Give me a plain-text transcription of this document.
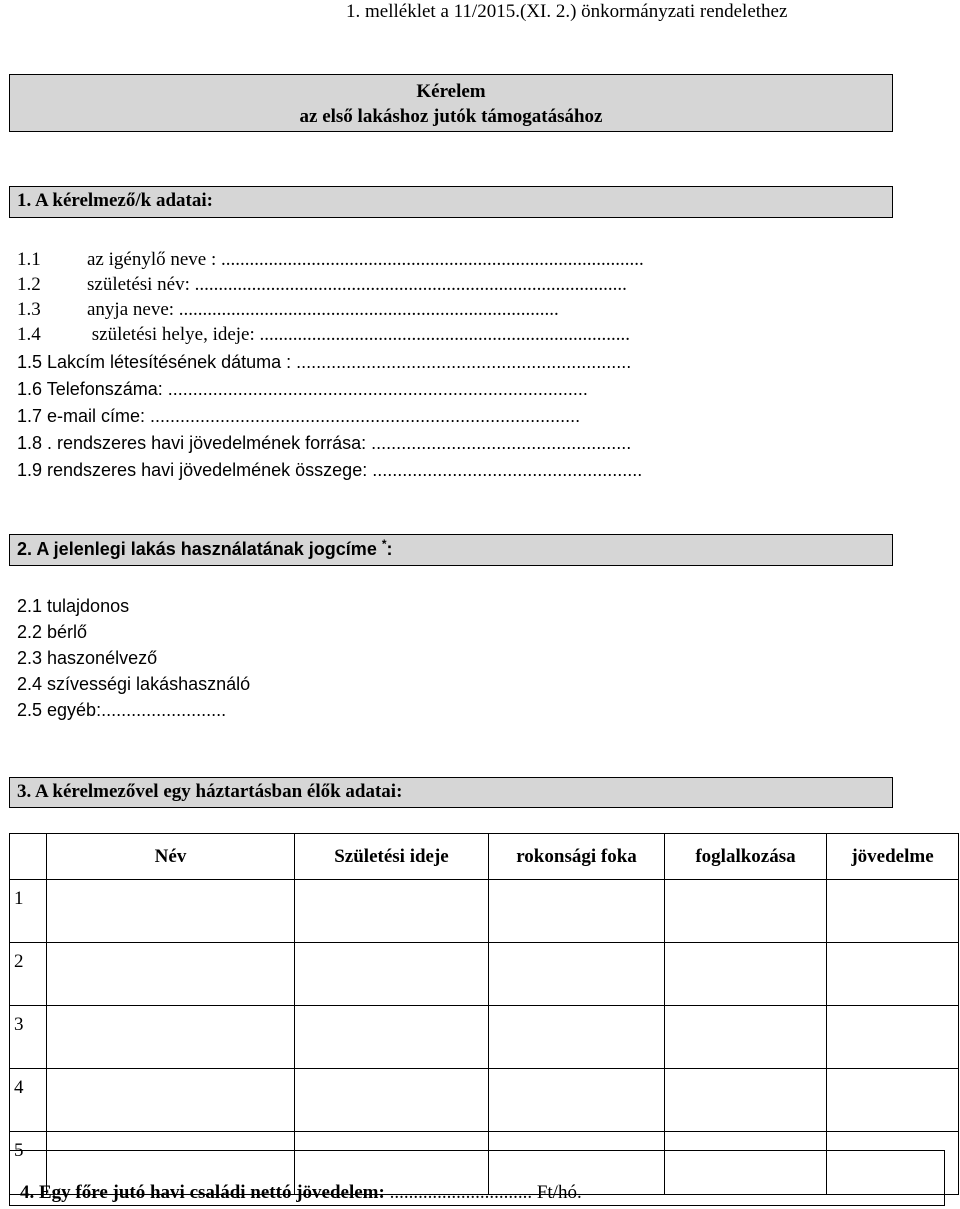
1. melléklet a 11/2015.(XI. 2.) önkormányzati rendelethez
Kérelem
az első lakáshoz jutók támogatásához
1. A kérelmező/k adatai:
1.1 az igénylő neve : .........................................................................................
1.2 születési név: ...........................................................................................
1.3 anyja neve: ................................................................................
1.4 születési helye, ideje: ..............................................................................
1.5 Lakcím létesítésének dátuma : ...................................................................
1.6 Telefonszáma: ....................................................................................
1.7 e-mail címe: ......................................................................................
1.8 . rendszeres havi jövedelmének forrása: ....................................................
1.9 rendszeres havi jövedelmének összege: ......................................................
2. A jelenlegi lakás használatának jogcíme *:
2.1 tulajdonos
2.2 bérlő
2.3 haszonélvező
2.4 szívességi lakáshasználó
2.5 egyéb:.........................
3. A kérelmezővel egy háztartásban élők adatai:
	Név	Születési ideje	rokonsági foka	foglalkozása	jövedelme
1					
2					
3					
4					
5					
4. Egy főre jutó havi családi nettó jövedelem: .............................. Ft/hó.
